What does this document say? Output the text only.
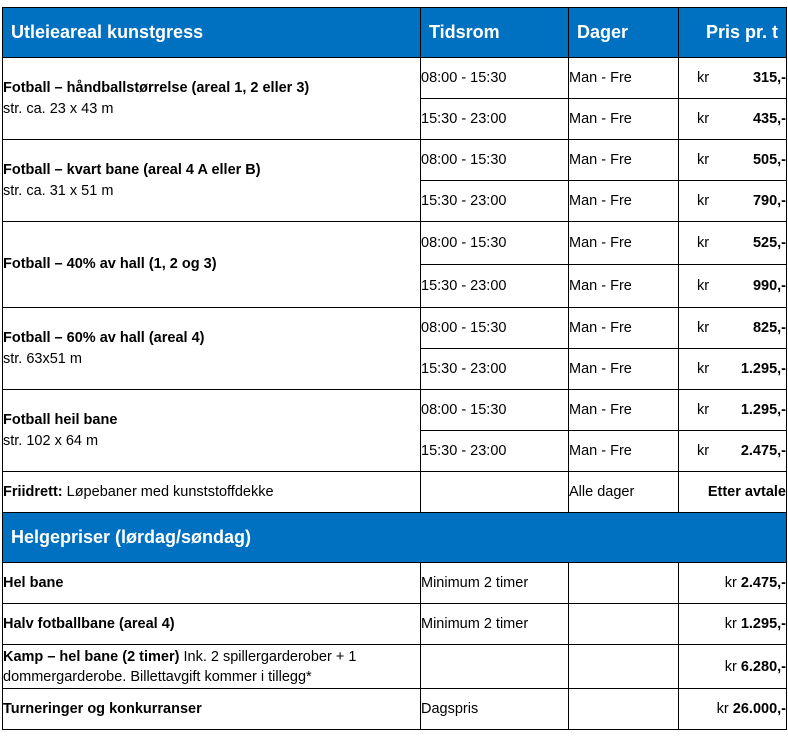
Utleieareal kunstgress	Tidsrom	Dager	Pris pr. t
Fotball – håndballstørrelse (areal 1, 2 eller 3)
str. ca. 23 x 43 m	08:00 - 15:30	Man - Fre	kr 315,-

	15:30 - 23:00	Man - Fre	kr 435,-

Fotball – kvart bane (areal 4 A eller B)
str. ca. 31 x 51 m	08:00 - 15:30	Man - Fre	kr 505,-

	15:30 - 23:00	Man - Fre	kr 790,-

Fotball – 40% av hall (1, 2 og 3)	08:00 - 15:30	Man - Fre	kr 525,-

	15:30 - 23:00	Man - Fre	kr 990,-

Fotball – 60% av hall (areal 4)
str. 63x51 m	08:00 - 15:30	Man - Fre	kr 825,-

	15:30 - 23:00	Man - Fre	kr 1.295,-

Fotball heil bane
str. 102 x 64 m	08:00 - 15:30	Man - Fre	kr 1.295,-

	15:30 - 23:00	Man - Fre	kr 2.475,-

Friidrett: Løpebaner med kunststoffdekke		Alle dager	Etter avtale
Helgepriser (lørdag/søndag)			
Hel bane	Minimum 2 timer		kr 2.475,-
Halv fotballbane (areal 4)	Minimum 2 timer		kr 1.295,-
Kamp – hel bane (2 timer) Ink. 2 spillergarderober + 1 dommergarderobe. Billettavgift kommer i tillegg*			kr 6.280,-
Turneringer og konkurranser	Dagspris		kr 26.000,-
